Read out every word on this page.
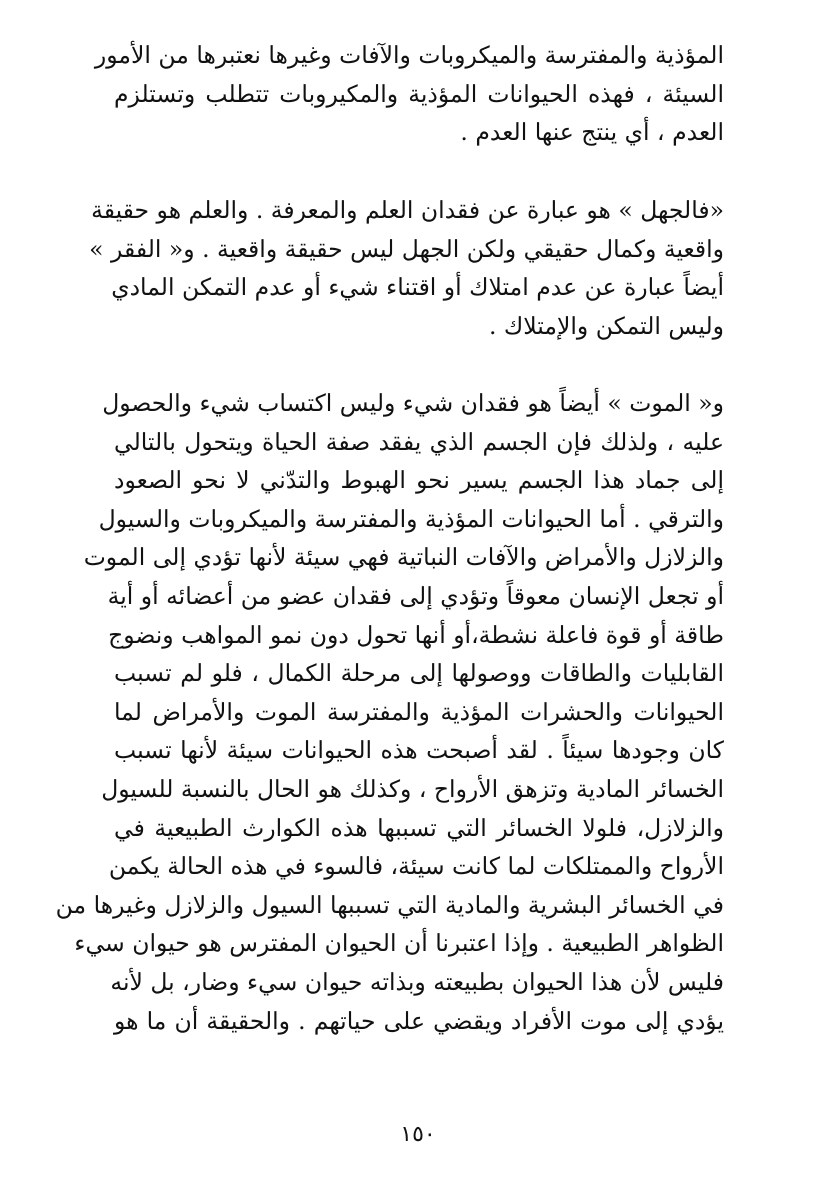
المؤذية والمفترسة والميكروبات والآفات وغيرها نعتبرها من الأمور
السيئة ، فهذه الحيوانات المؤذية والمكيروبات تتطلب وتستلزم
العدم ، أي ينتج عنها العدم .
«فالجهل » هو عبارة عن فقدان العلم والمعرفة . والعلم هو حقيقة
واقعية وكمال حقيقي ولكن الجهل ليس حقيقة واقعية . و« الفقر »
أيضاً عبارة عن عدم امتلاك أو اقتناء شيء أو عدم التمكن المادي
وليس التمكن والإمتلاك .
و« الموت » أيضاً هو فقدان شيء وليس اكتساب شيء والحصول
عليه ، ولذلك فإن الجسم الذي يفقد صفة الحياة ويتحول بالتالي
إلى جماد هذا الجسم يسير نحو الهبوط والتدّني لا نحو الصعود
والترقي . أما الحيوانات المؤذية والمفترسة والميكروبات والسيول
والزلازل والأمراض والآفات النباتية فهي سيئة لأنها تؤدي إلى الموت
أو تجعل الإنسان معوقاً وتؤدي إلى فقدان عضو من أعضائه أو أية
طاقة أو قوة فاعلة نشطة،أو أنها تحول دون نمو المواهب ونضوج
القابليات والطاقات ووصولها إلى مرحلة الكمال ، فلو لم تسبب
الحيوانات والحشرات المؤذية والمفترسة الموت والأمراض لما
كان وجودها سيئاً . لقد أصبحت هذه الحيوانات سيئة لأنها تسبب
الخسائر المادية وتزهق الأرواح ، وكذلك هو الحال بالنسبة للسيول
والزلازل، فلولا الخسائر التي تسببها هذه الكوارث الطبيعية في
الأرواح والممتلكات لما كانت سيئة، فالسوء في هذه الحالة يكمن
في الخسائر البشرية والمادية التي تسببها السيول والزلازل وغيرها من
الظواهر الطبيعية . وإذا اعتبرنا أن الحيوان المفترس هو حيوان سيء
فليس لأن هذا الحيوان بطبيعته وبذاته حيوان سيء وضار، بل لأنه
يؤدي إلى موت الأفراد ويقضي على حياتهم . والحقيقة أن ما هو
١٥٠
